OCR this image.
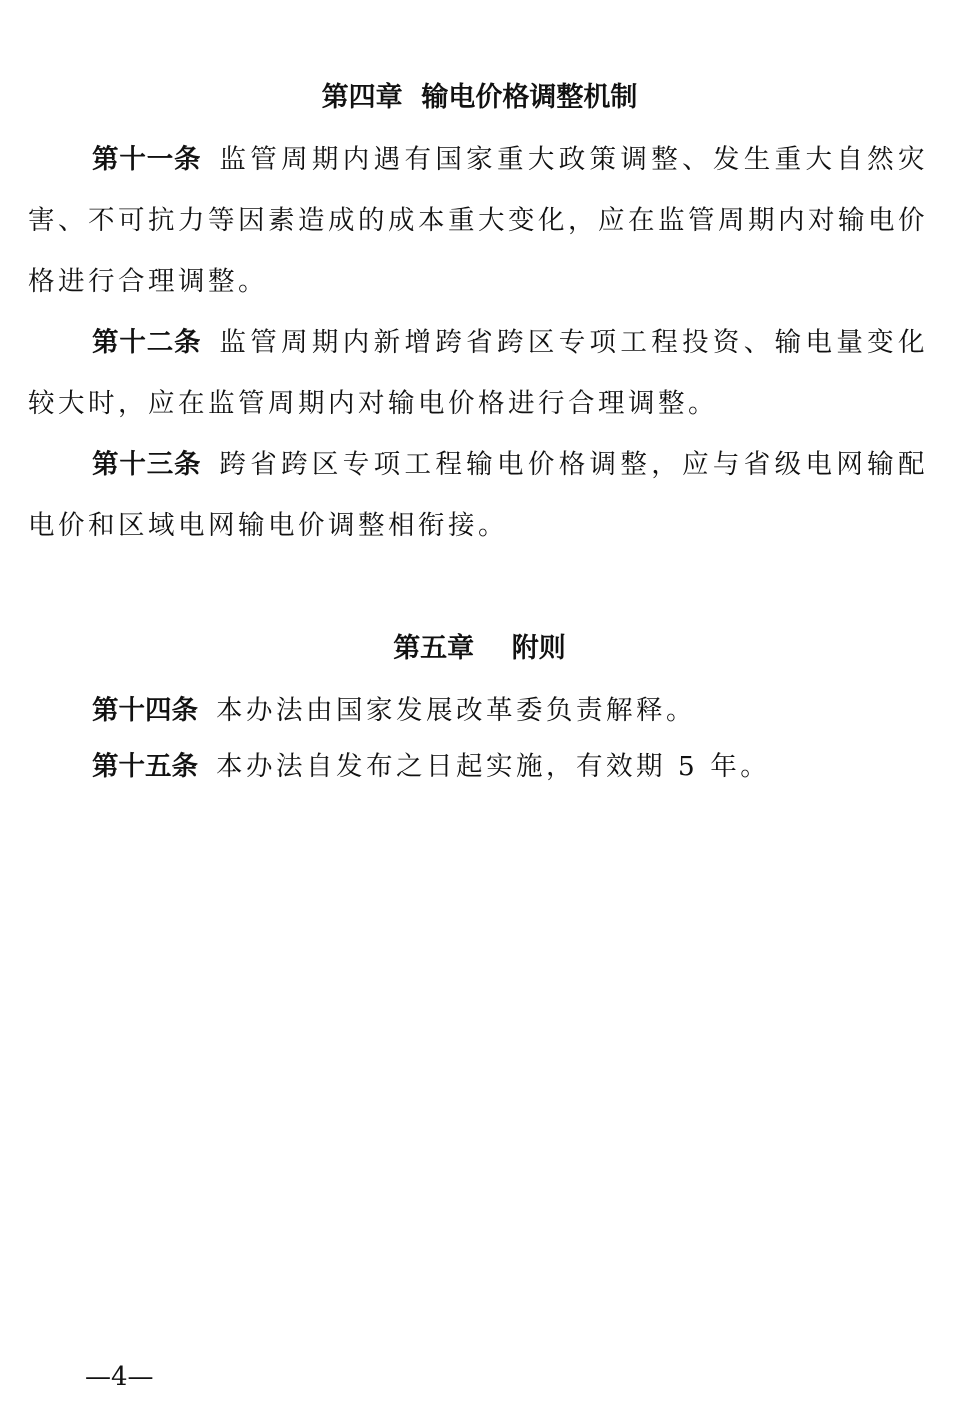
第四章  输电价格调整机制

第十一条 监管周期内遇有国家重大政策调整、发生重大自然灾害、不可抗力等因素造成的成本重大变化，应在监管周期内对输电价格进行合理调整。

第十二条 监管周期内新增跨省跨区专项工程投资、输电量变化较大时，应在监管周期内对输电价格进行合理调整。

第十三条 跨省跨区专项工程输电价格调整，应与省级电网输配电价和区域电网输电价调整相衔接。

第五章    附则

第十四条 本办法由国家发展改革委负责解释。

第十五条 本办法自发布之日起实施，有效期 5 年。

—4—
